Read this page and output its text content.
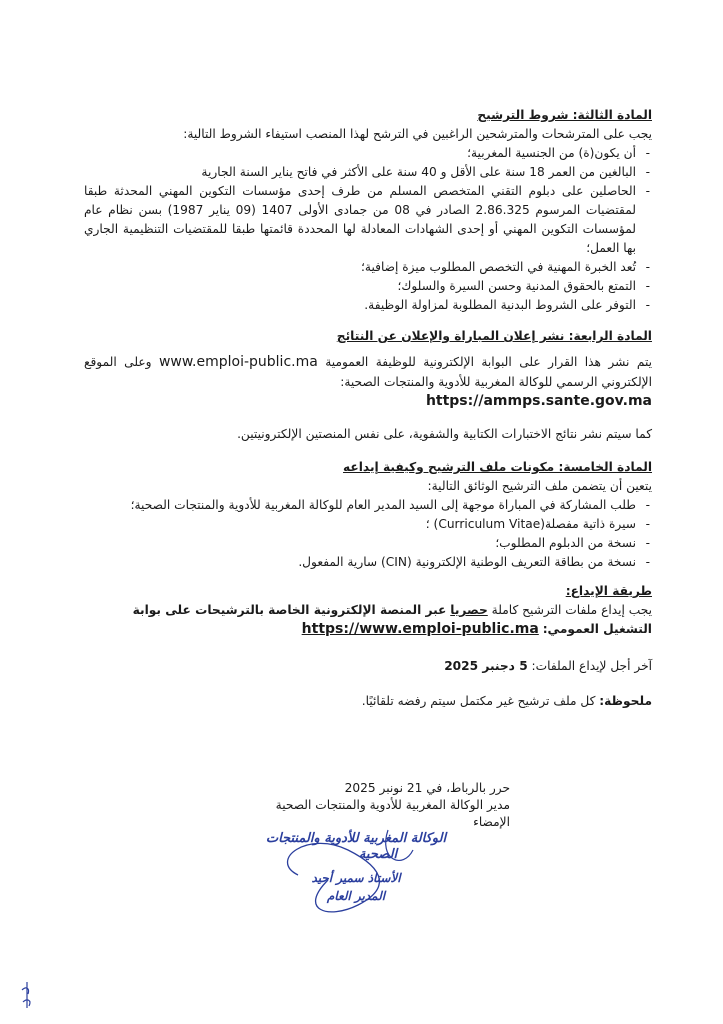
المادة الثالثة: شروط الترشيح

يجب على المترشحات والمترشحين الراغبين في الترشح لهذا المنصب استيفاء الشروط التالية:

- أن يكون(ة) من الجنسية المغربية؛
- البالغين من العمر 18 سنة على الأقل و 40 سنة على الأكثر في فاتح يناير السنة الجارية
- الحاصلين على دبلوم التقني المتخصص المسلم من طرف إحدى مؤسسات التكوين المهني المحدثة طبقا لمقتضيات المرسوم 2.86.325 الصادر في 08 من جمادى الأولى 1407 (09 يناير 1987) بسن نظام عام لمؤسسات التكوين المهني أو إحدى الشهادات المعادلة لها المحددة قائمتها طبقا للمقتضيات التنظيمية الجاري بها العمل؛
- تُعد الخبرة المهنية في التخصص المطلوب ميزة إضافية؛
- التمتع بالحقوق المدنية وحسن السيرة والسلوك؛
- التوفر على الشروط البدنية المطلوبة لمزاولة الوظيفة.

المادة الرابعة: نشر إعلان المباراة والإعلان عن النتائج

يتم نشر هذا القرار على البوابة الإلكترونية للوظيفة العمومية www.emploi-public.ma وعلى الموقع الإلكتروني الرسمي للوكالة المغربية للأدوية والمنتجات الصحية:

https://ammps.sante.gov.ma

كما سيتم نشر نتائج الاختبارات الكتابية والشفوية، على نفس المنصتين الإلكترونيتين.

المادة الخامسة: مكونات ملف الترشيح وكيفية إيداعه

يتعين أن يتضمن ملف الترشيح الوثائق التالية:

- طلب المشاركة في المباراة موجهة إلى السيد المدير العام للوكالة المغربية للأدوية والمنتجات الصحية؛
- سيرة ذاتية مفصلة(Curriculum Vitae) ؛
- نسخة من الدبلوم المطلوب؛
- نسخة من بطاقة التعريف الوطنية الإلكترونية (CIN) سارية المفعول.

طريقة الإيداع:

يجب إيداع ملفات الترشيح كاملة حصريا عبر المنصة الإلكترونية الخاصة بالترشيحات على بوابة التشغيل العمومي: https://www.emploi-public.ma

آخر أجل لإيداع الملفات: 5 دجنبر 2025

ملحوظة: كل ملف ترشيح غير مكتمل سيتم رفضه تلقائيًا.

حرر بالرباط، في 21 نونبر 2025

مدير الوكالة المغربية للأدوية والمنتجات الصحية

الإمضاء

الوكالة المغربية للأدوية والمنتجات
الصحية
الأستاذ سمير أحيد
المدير العام
